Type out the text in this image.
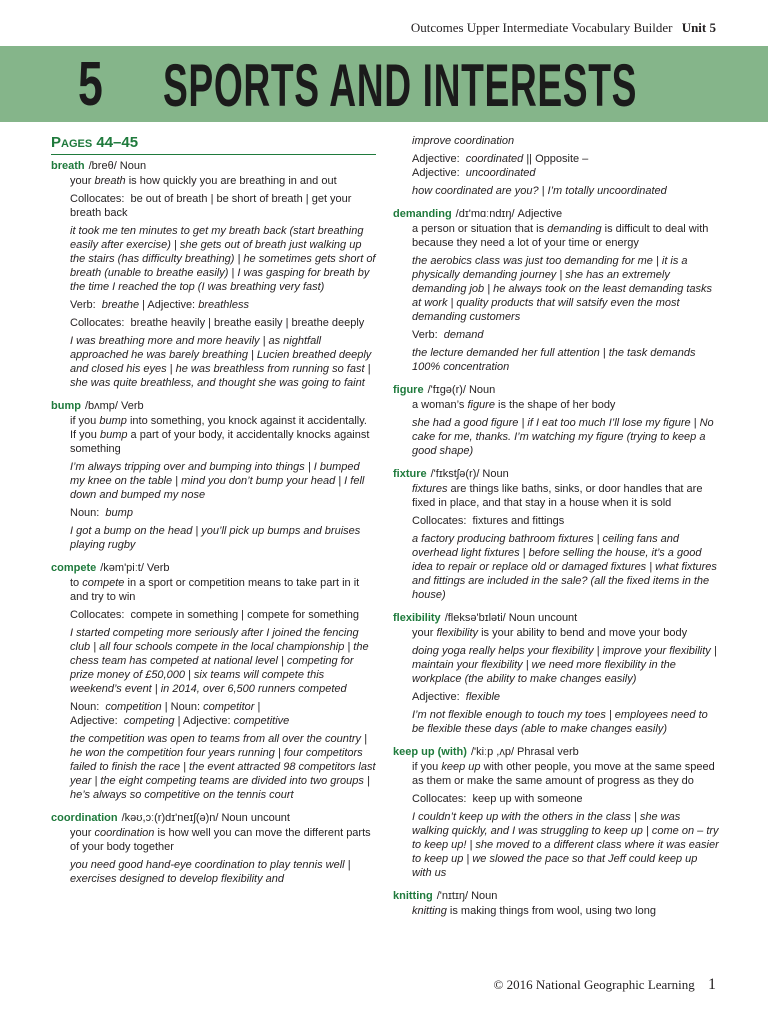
Outcomes Upper Intermediate Vocabulary Builder Unit 5
5 SPORTS AND INTERESTS
Pages 44–45
breath /breθ/ Noun
your breath is how quickly you are breathing in and out
Collocates: be out of breath | be short of breath | get your breath back
it took me ten minutes to get my breath back (start breathing easily after exercise) | she gets out of breath just walking up the stairs (has difficulty breathing) | he sometimes gets short of breath (unable to breathe easily) | I was gasping for breath by the time I reached the top (I was breathing very fast)
Verb: breathe | Adjective: breathless
Collocates: breathe heavily | breathe easily | breathe deeply
I was breathing more and more heavily | as nightfall approached he was barely breathing | Lucien breathed deeply and closed his eyes | he was breathless from running so fast | she was quite breathless, and thought she was going to faint
bump /bʌmp/ Verb
if you bump into something, you knock against it accidentally. If you bump a part of your body, it accidentally knocks against something
I’m always tripping over and bumping into things | I bumped my knee on the table | mind you don’t bump your head | I fell down and bumped my nose
Noun: bump
I got a bump on the head | you’ll pick up bumps and bruises playing rugby
compete /kəm'piːt/ Verb
to compete in a sport or competition means to take part in it and try to win
Collocates: compete in something | compete for something
I started competing more seriously after I joined the fencing club | all four schools compete in the local championship | the chess team has competed at national level | competing for prize money of £50,000 | six teams will compete this weekend’s event | in 2014, over 6,500 runners competed
Noun: competition | Noun: competitor |
Adjective: competing | Adjective: competitive
the competition was open to teams from all over the country | he won the competition four years running | four competitors failed to finish the race | the event attracted 98 competitors last year | the eight competing teams are divided into two groups | he’s always so competitive on the tennis court
coordination /kəʊ,ɔː(r)dɪ'neɪʃ(ə)n/ Noun uncount
your coordination is how well you can move the different parts of your body together
you need good hand-eye coordination to play tennis well | exercises designed to develop flexibility and
improve coordination
Adjective: coordinated || Opposite –
Adjective: uncoordinated
how coordinated are you? | I’m totally uncoordinated
demanding /dɪ'mɑːndɪŋ/ Adjective
a person or situation that is demanding is difficult to deal with because they need a lot of your time or energy
the aerobics class was just too demanding for me | it is a physically demanding journey | she has an extremely demanding job | he always took on the least demanding tasks at work | quality products that will satsify even the most demanding customers
Verb: demand
the lecture demanded her full attention | the task demands 100% concentration
figure /'fɪɡə(r)/ Noun
a woman’s figure is the shape of her body
she had a good figure | if I eat too much I’ll lose my figure | No cake for me, thanks. I’m watching my figure (trying to keep a good shape)
fixture /'fɪkstʃə(r)/ Noun
fixtures are things like baths, sinks, or door handles that are fixed in place, and that stay in a house when it is sold
Collocates: fixtures and fittings
a factory producing bathroom fixtures | ceiling fans and overhead light fixtures | before selling the house, it’s a good idea to repair or replace old or damaged fixtures | what fixtures and fittings are included in the sale? (all the fixed items in the house)
flexibility /fleksə'bɪləti/ Noun uncount
your flexibility is your ability to bend and move your body
doing yoga really helps your flexibility | improve your flexibility | maintain your flexibility | we need more flexibility in the workplace (the ability to make changes easily)
Adjective: flexible
I’m not flexible enough to touch my toes | employees need to be flexible these days (able to make changes easily)
keep up (with) /'kiːp ,ʌp/ Phrasal verb
if you keep up with other people, you move at the same speed as them or make the same amount of progress as they do
Collocates: keep up with someone
I couldn’t keep up with the others in the class | she was walking quickly, and I was struggling to keep up | come on – try to keep up! | she moved to a different class where it was easier to keep up | we slowed the pace so that Jeff could keep up with us
knitting /'nɪtɪŋ/ Noun
knitting is making things from wool, using two long
© 2016 National Geographic Learning 1
